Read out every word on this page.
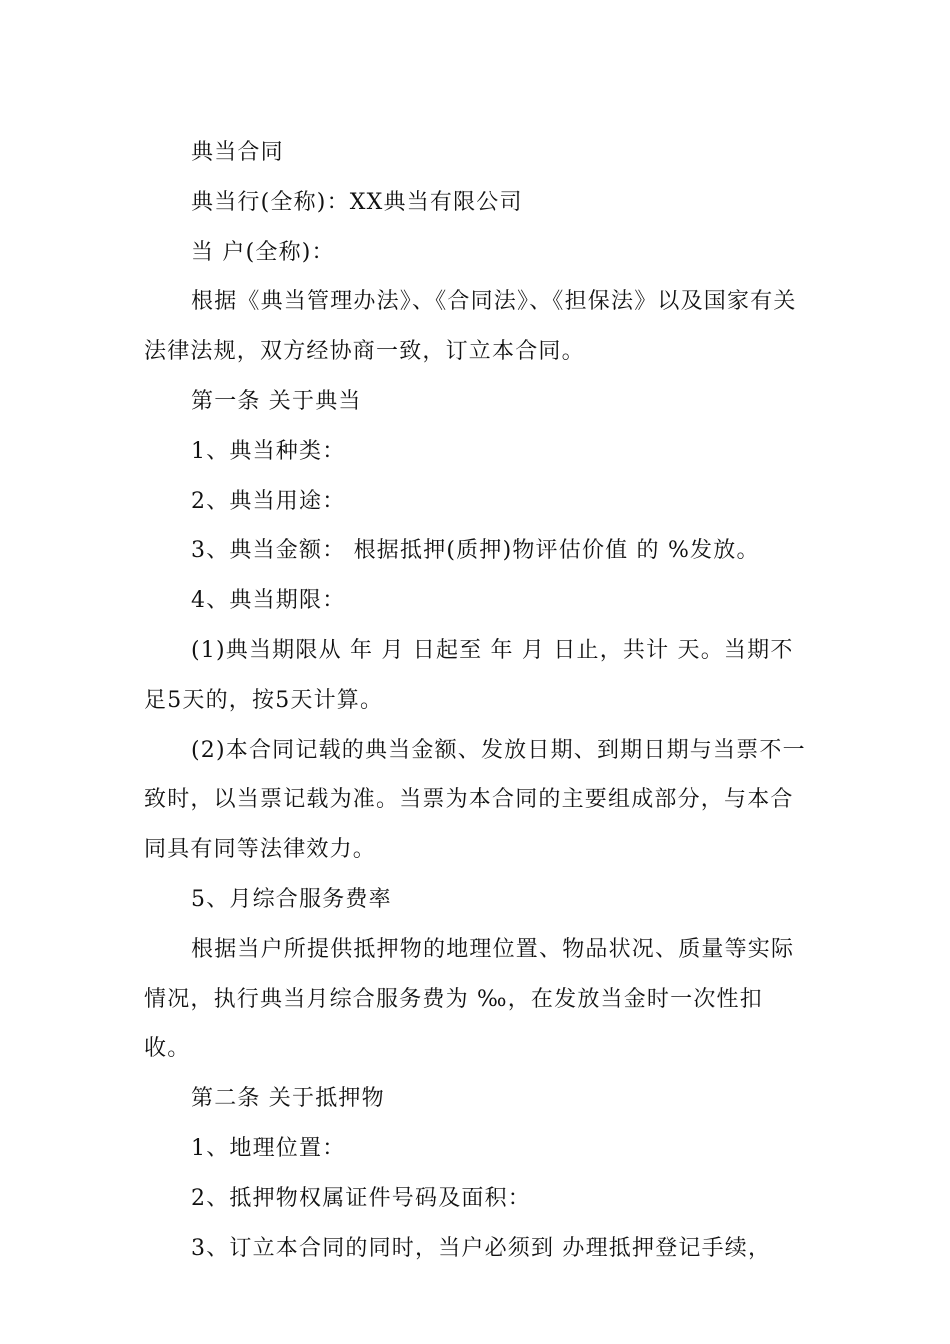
典当合同

典当行(全称)：XX典当有限公司

当 户(全称)：

根据《典当管理办法》、《合同法》、《担保法》以及国家有关法律法规，双方经协商一致，订立本合同。

第一条 关于典当

1、典当种类：

2、典当用途：

3、典当金额： 根据抵押(质押)物评估价值 的 %发放。

4、典当期限：

(1)典当期限从 年 月 日起至 年 月 日止，共计 天。当期不足5天的，按5天计算。

(2)本合同记载的典当金额、发放日期、到期日期与当票不一致时，以当票记载为准。当票为本合同的主要组成部分，与本合同具有同等法律效力。

5、月综合服务费率

根据当户所提供抵押物的地理位置、物品状况、质量等实际情况，执行典当月综合服务费为 ‰，在发放当金时一次性扣收。

第二条 关于抵押物

1、地理位置：

2、抵押物权属证件号码及面积：

3、订立本合同的同时，当户必须到 办理抵押登记手续，
